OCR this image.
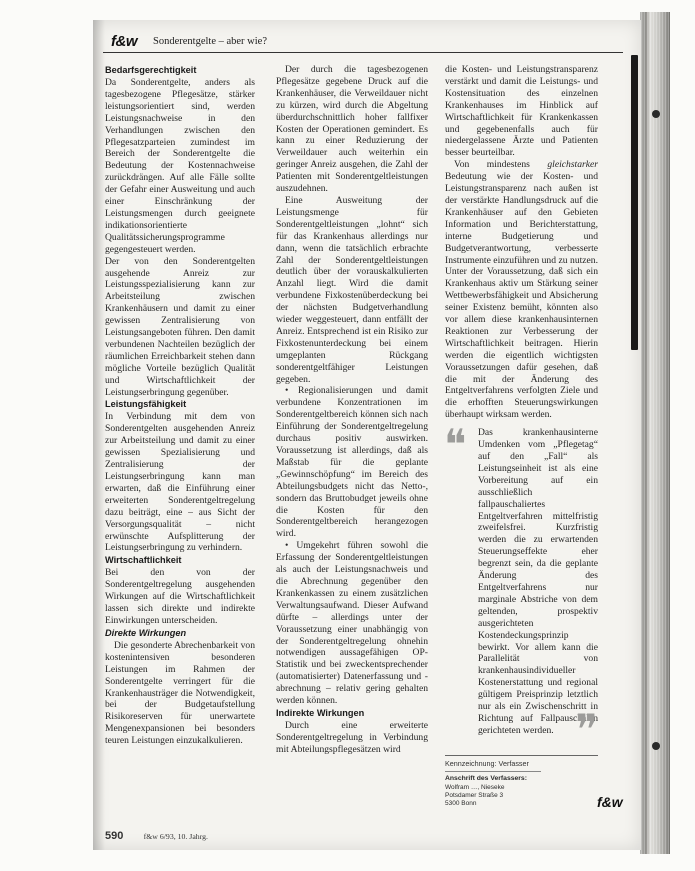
f&w Sonderentgelte – aber wie?
Bedarfsgerechtigkeit

Da Sonderentgelte, anders als tagesbezogene Pflegesätze, stärker leistungsorientiert sind, werden Leistungsnachweise in den Verhandlungen zwischen den Pflegesatzparteien zumindest im Bereich der Sonderentgelte die Bedeutung der Kostennachweise zurückdrängen. Auf alle Fälle sollte der Gefahr einer Ausweitung und auch einer Einschränkung der Leistungsmengen durch geeignete indikationsorientierte Qualitätssicherungsprogramme gegengesteuert werden.

Der von den Sonderentgelten ausgehende Anreiz zur Leistungsspezialisierung kann zur Arbeitsteilung zwischen Krankenhäusern und damit zu einer gewissen Zentralisierung von Leistungsangeboten führen. Den damit verbundenen Nachteilen bezüglich der räumlichen Erreichbarkeit stehen dann mögliche Vorteile bezüglich Qualität und Wirtschaftlichkeit der Leistungserbringung gegenüber.

Leistungsfähigkeit

In Verbindung mit dem von Sonderentgelten ausgehenden Anreiz zur Arbeitsteilung und damit zu einer gewissen Spezialisierung und Zentralisierung der Leistungserbringung kann man erwarten, daß die Einführung einer erweiterten Sonderentgeltregelung dazu beiträgt, eine – aus Sicht der Versorgungsqualität – nicht erwünschte Aufsplitterung der Leistungserbringung zu verhindern.

Wirtschaftlichkeit

Bei den von der Sonderentgeltregelung ausgehenden Wirkungen auf die Wirtschaftlichkeit lassen sich direkte und indirekte Einwirkungen unterscheiden.

Direkte Wirkungen

Die gesonderte Abrechenbarkeit von kostenintensiven besonderen Leistungen im Rahmen der Sonderentgelte verringert für die Krankenhausträger die Notwendigkeit, bei der Budgetaufstellung Risikoreserven für unerwartete Mengenexpansionen bei besonders teuren Leistungen einzukalkulieren.

Der durch die tagesbezogenen Pflegesätze gegebene Druck auf die Krankenhäuser, die Verweildauer nicht zu kürzen, wird durch die Abgeltung überdurchschnittlich hoher fallfixer Kosten der Operationen gemindert. Es kann zu einer Reduzierung der Verweildauer auch weiterhin ein geringer Anreiz ausgehen, die Zahl der Patienten mit Sonderentgeltleistungen auszudehnen.

Eine Ausweitung der Leistungsmenge für Sonderentgeltleistungen „lohnt“ sich für das Krankenhaus allerdings nur dann, wenn die tatsächlich erbrachte Zahl der Sonderentgeltleistungen deutlich über der vorauskalkulierten Anzahl liegt. Wird die damit verbundene Fixkostenüberdeckung bei der nächsten Budgetverhandlung wieder weggesteuert, dann entfällt der Anreiz. Entsprechend ist ein Risiko zur Fixkostenunterdeckung bei einem umgeplanten Rückgang sonderentgeltfähiger Leistungen gegeben.

• Regionalisierungen und damit verbundene Konzentrationen im Sonderentgeltbereich können sich nach Einführung der Sonderentgeltregelung durchaus positiv auswirken. Voraussetzung ist allerdings, daß als Maßstab für die geplante „Gewinnschöpfung“ im Bereich des Abteilungsbudgets nicht das Netto-, sondern das Bruttobudget jeweils ohne die Kosten für den Sonderentgeltbereich herangezogen wird.

• Umgekehrt führen sowohl die Erfassung der Sonderentgeltleistungen als auch der Leistungsnachweis und die Abrechnung gegenüber den Krankenkassen zu einem zusätzlichen Verwaltungsaufwand. Dieser Aufwand dürfte – allerdings unter der Voraussetzung einer unabhängig von der Sonderentgeltregelung ohnehin notwendigen aussagefähigen OP-Statistik und bei zweckentsprechender (automatisierter) Datenerfassung und -abrechnung – relativ gering gehalten werden können.

Indirekte Wirkungen

Durch eine erweiterte Sonderentgeltregelung in Verbindung mit Abteilungspflegesätzen wird

die Kosten- und Leistungstransparenz verstärkt und damit die Leistungs- und Kostensituation des einzelnen Krankenhauses im Hinblick auf Wirtschaftlichkeit für Krankenkassen und gegebenenfalls auch für niedergelassene Ärzte und Patienten besser beurteilbar.

Von mindestens gleichstarker Bedeutung wie der Kosten- und Leistungstransparenz nach außen ist der verstärkte Handlungsdruck auf die Krankenhäuser auf den Gebieten Information und Berichterstattung, interne Budgetierung und Budgetverantwortung, verbesserte Instrumente einzuführen und zu nutzen. Unter der Voraussetzung, daß sich ein Krankenhaus aktiv um Stärkung seiner Wettbewerbsfähigkeit und Absicherung seiner Existenz bemüht, könnten also vor allem diese krankenhausinternen Reaktionen zur Verbesserung der Wirtschaftlichkeit beitragen. Hierin werden die eigentlich wichtigsten Voraussetzungen dafür gesehen, daß die mit der Änderung des Entgeltverfahrens verfolgten Ziele und die erhofften Steuerungswirkungen überhaupt wirksam werden.

❝	Das krankenhausinterne Umdenken vom „Pflegetag“ auf den „Fall“ als Leistungseinheit ist als eine Vorbereitung auf ein ausschließlich fallpauschaliertes Entgeltverfahren mittelfristig zweifelsfrei. Kurzfristig werden die zu erwartenden Steuerungseffekte eher begrenzt sein, da die geplante Änderung des Entgeltverfahrens nur marginale Abstriche von dem geltenden, prospektiv ausgerichteten Kostendeckungsprinzip bewirkt. Vor allem kann die Parallelität von krankenhausindividueller Kostenerstattung und regional gültigem Preisprinzip letztlich nur als ein Zwischenschritt in Richtung auf Fallpauschalen gerichteten werden. ❞
Kennzeichnung: Verfasser
Anschrift des Verfassers:
Wolfram …, Nieseke
Potsdamer Straße 3
5300 Bonn	f&w
590	f&w 6/93, 10. Jahrg.
